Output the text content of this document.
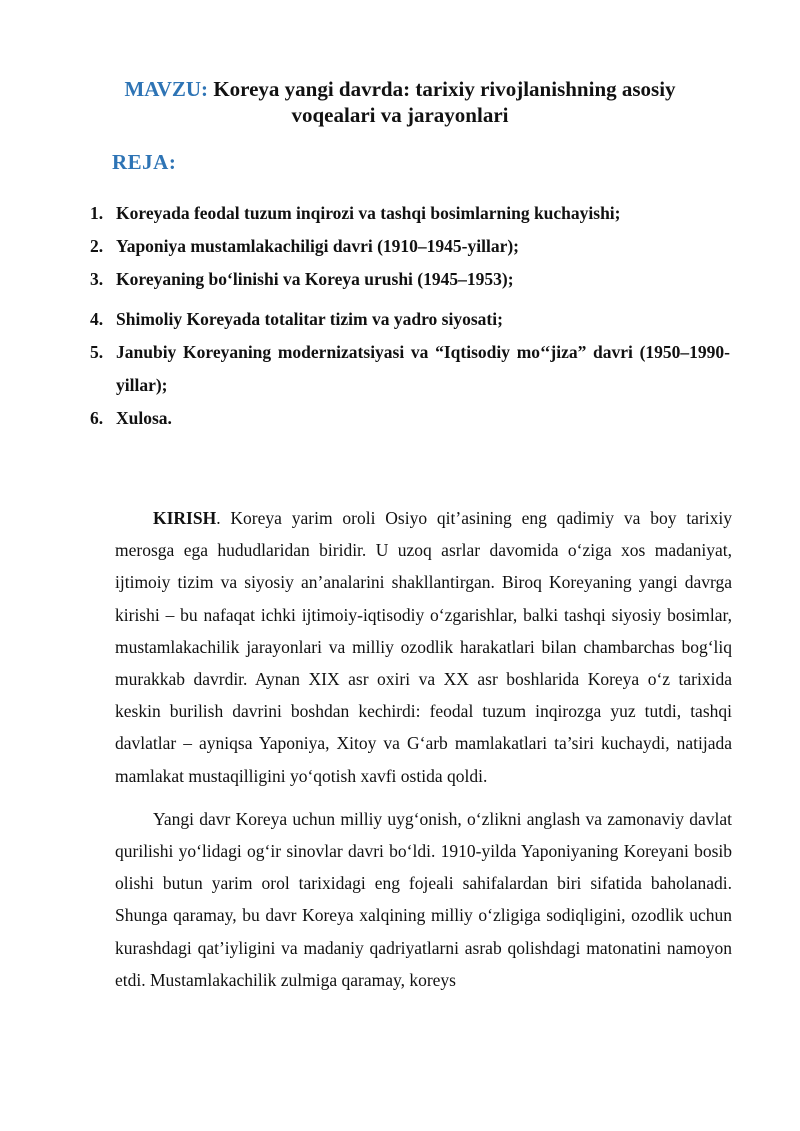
MAVZU: Koreya yangi davrda: tarixiy rivojlanishning asosiy
voqealari va jarayonlari
REJA:
1. Koreyada feodal tuzum inqirozi va tashqi bosimlarning kuchayishi;
2. Yaponiya mustamlakachiligi davri (1910–1945-yillar);
3. Koreyaning bo‘linishi va Koreya urushi (1945–1953);
4. Shimoliy Koreyada totalitar tizim va yadro siyosati;
5. Janubiy Koreyaning modernizatsiyasi va “Iqtisodiy mo‘‘jiza” davri (1950–1990-yillar);
6. Xulosa.

KIRISH. Koreya yarim oroli Osiyo qit’asining eng qadimiy va boy tarixiy merosga ega hududlaridan biridir. U uzoq asrlar davomida o‘ziga xos madaniyat, ijtimoiy tizim va siyosiy an’analarini shakllantirgan. Biroq Koreyaning yangi davrga kirishi – bu nafaqat ichki ijtimoiy-iqtisodiy o‘zgarishlar, balki tashqi siyosiy bosimlar, mustamlakachilik jarayonlari va milliy ozodlik harakatlari bilan chambarchas bog‘liq murakkab davrdir. Aynan XIX asr oxiri va XX asr boshlarida Koreya o‘z tarixida keskin burilish davrini boshdan kechirdi: feodal tuzum inqirozga yuz tutdi, tashqi davlatlar – ayniqsa Yaponiya, Xitoy va G‘arb mamlakatlari ta’siri kuchaydi, natijada mamlakat mustaqilligini yo‘qotish xavfi ostida qoldi.

Yangi davr Koreya uchun milliy uyg‘onish, o‘zlikni anglash va zamonaviy davlat qurilishi yo‘lidagi og‘ir sinovlar davri bo‘ldi. 1910-yilda Yaponiyaning Koreyani bosib olishi butun yarim orol tarixidagi eng fojeali sahifalardan biri sifatida baholanadi. Shunga qaramay, bu davr Koreya xalqining milliy o‘zligiga sodiqligini, ozodlik uchun kurashdagi qat’iyligini va madaniy qadriyatlarni asrab qolishdagi matonatini namoyon etdi. Mustamlakachilik zulmiga qaramay, koreys
